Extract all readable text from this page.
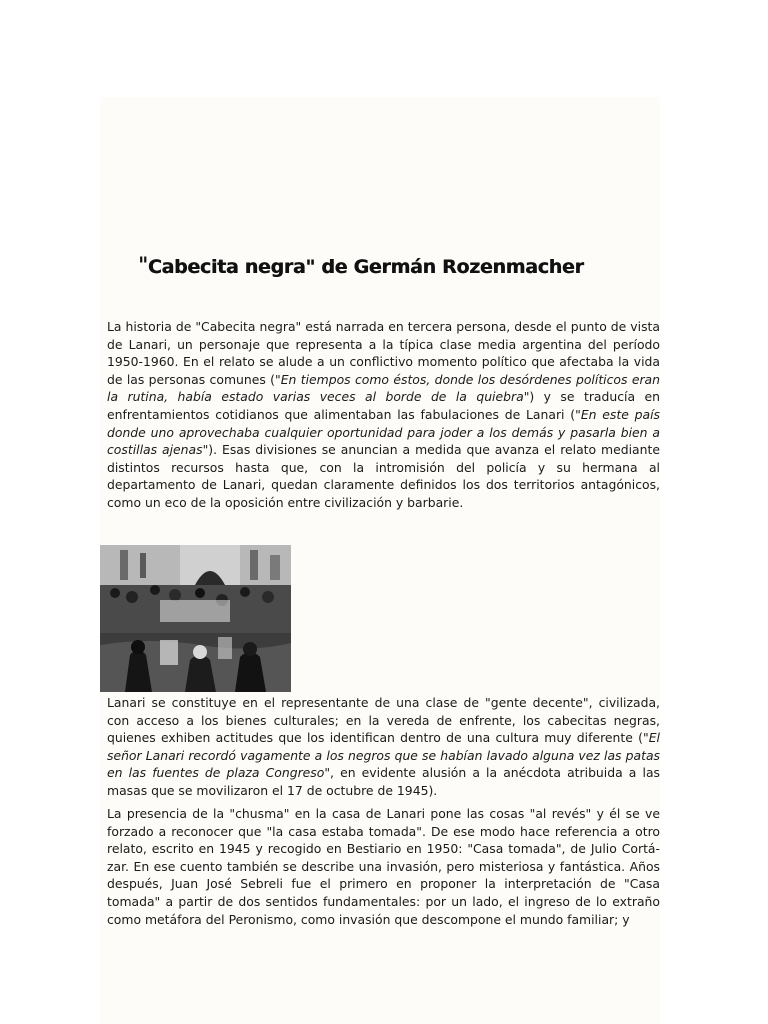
"Cabecita negra" de Germán Rozenmacher

La historia de "Cabecita negra" está narrada en tercera persona, desde el punto de vista de Lanari, un personaje que representa a la típica clase media argentina del período 1950-1960. En el relato se alude a un conflictivo momento político que afectaba la vida de las personas comunes ("En tiempos como éstos, donde los desórdenes políticos eran la rutina, había estado varias veces al borde de la quiebra") y se traducía en enfrentamientos cotidianos que alimentaban las fabulaciones de Lanari ("En este país donde uno aprovechaba cualquier oportunidad para joder a los demás y pasarla bien a costillas ajenas"). Esas divisiones se anuncian a medida que avanza el relato mediante distintos recursos hasta que, con la intromisión del policía y su hermana al departamento de Lanari, quedan claramente definidos los dos territorios antagónicos, como un eco de la oposición entre civilización y barbarie.

Lanari se constituye en el representante de una clase de "gente decente", civilizada, con acceso a los bienes culturales; en la vereda de enfrente, los cabecitas negras, quienes exhiben actitudes que los identifican dentro de una cultura muy diferente ("El señor Lanari recordó vagamente a los negros que se habían lavado alguna vez las patas en las fuentes de plaza Congreso", en evidente alusión a la anécdota atribuida a las masas que se movilizaron el 17 de octubre de 1945).

La presencia de la "chusma" en la casa de Lanari pone las cosas "al revés" y él se ve forzado a reconocer que "la casa estaba tomada". De ese modo hace referencia a otro relato, escrito en 1945 y recogido en Bestiario en 1950: "Casa tomada", de Julio Cortá-zar. En ese cuento también se describe una invasión, pero misteriosa y fantástica. Años después, Juan José Sebreli fue el primero en proponer la interpretación de "Casa tomada" a partir de dos sentidos fundamentales: por un lado, el ingreso de lo extraño como metáfora del Peronismo, como invasión que descompone el mundo familiar; y
